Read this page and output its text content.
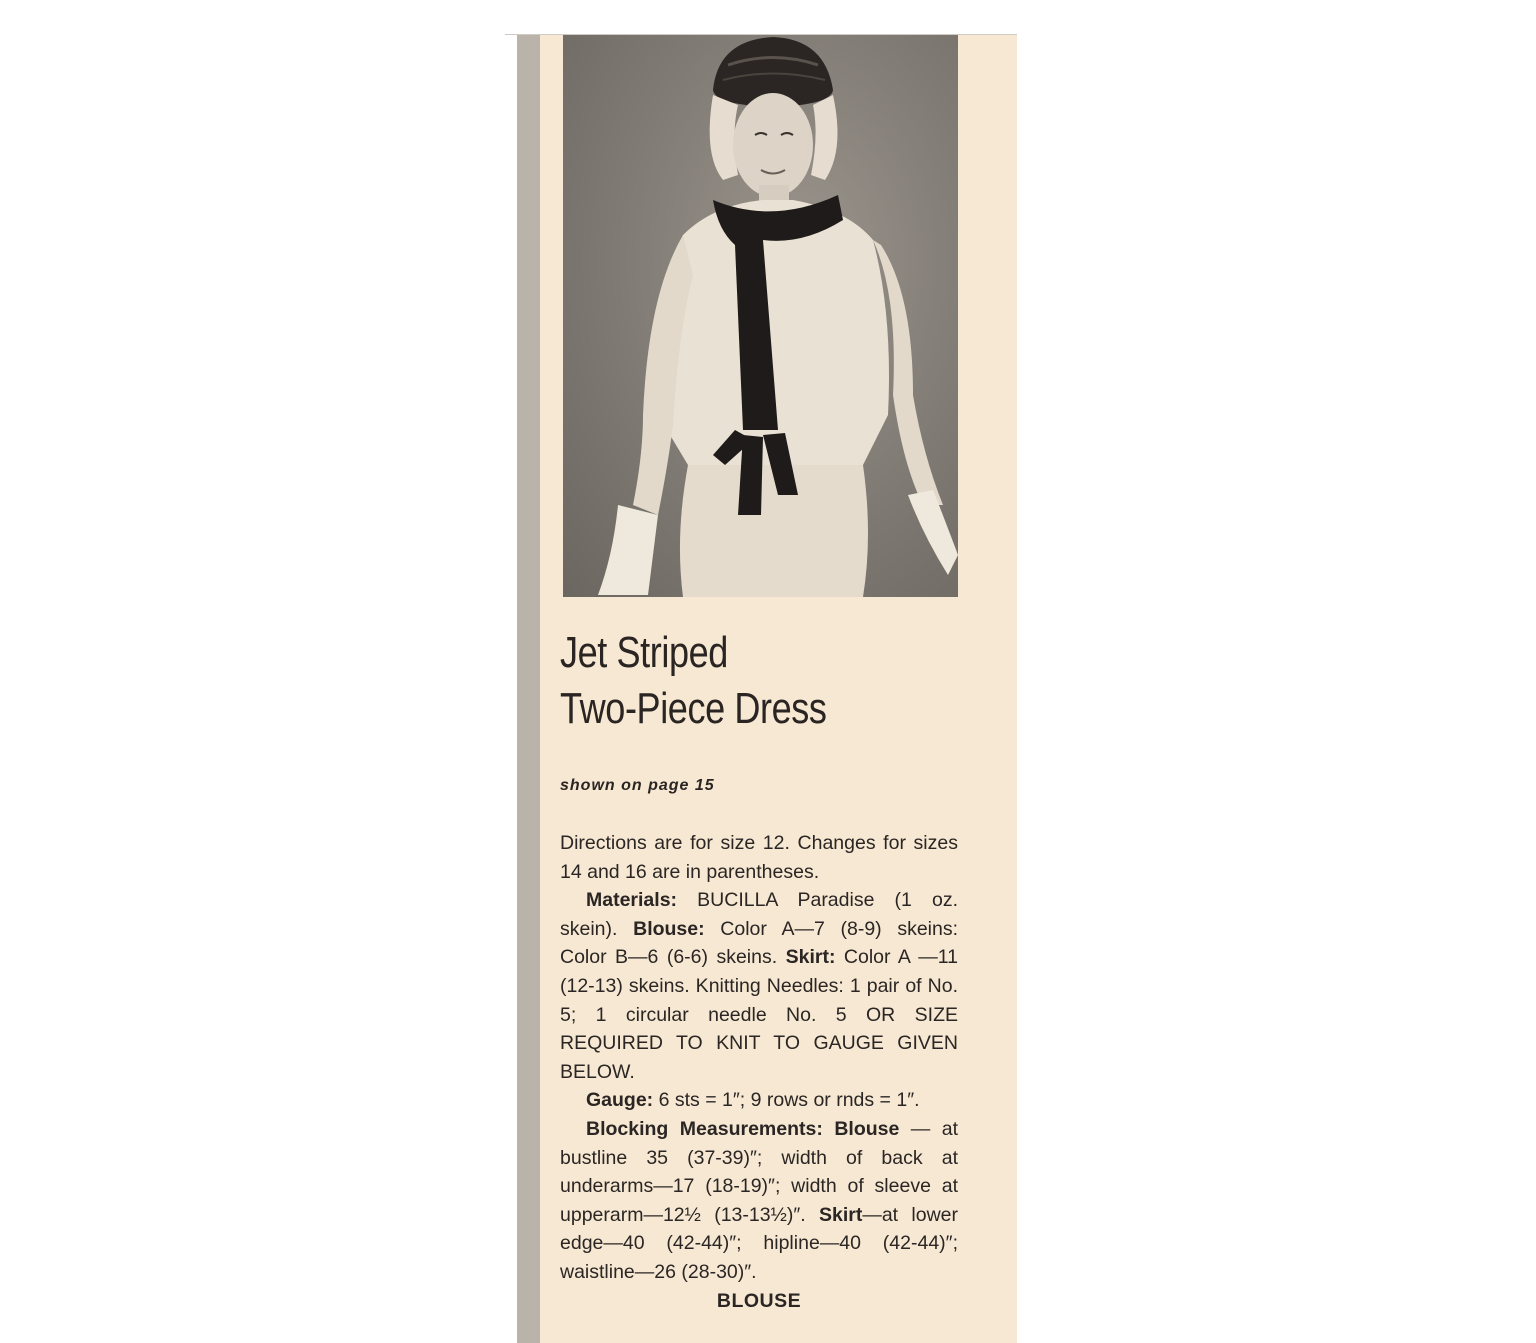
Jet Striped
Two-Piece Dress
shown on page 15

Directions are for size 12. Changes for sizes 14 and 16 are in parentheses.

Materials: BUCILLA Paradise (1 oz. skein). Blouse: Color A—7 (8-9) skeins: Color B—6 (6-6) skeins. Skirt: Color A —11 (12-13) skeins. Knitting Needles: 1 pair of No. 5; 1 circular needle No. 5 OR SIZE REQUIRED TO KNIT TO GAUGE GIVEN BELOW.

Gauge: 6 sts = 1″; 9 rows or rnds = 1″.

Blocking Measurements: Blouse — at bustline 35 (37-39)″; width of back at underarms—17 (18-19)″; width of sleeve at upperarm—12½ (13-13½)″. Skirt—at lower edge—40 (42-44)″; hipline—40 (42-44)″; waistline—26 (28-30)″.

BLOUSE
